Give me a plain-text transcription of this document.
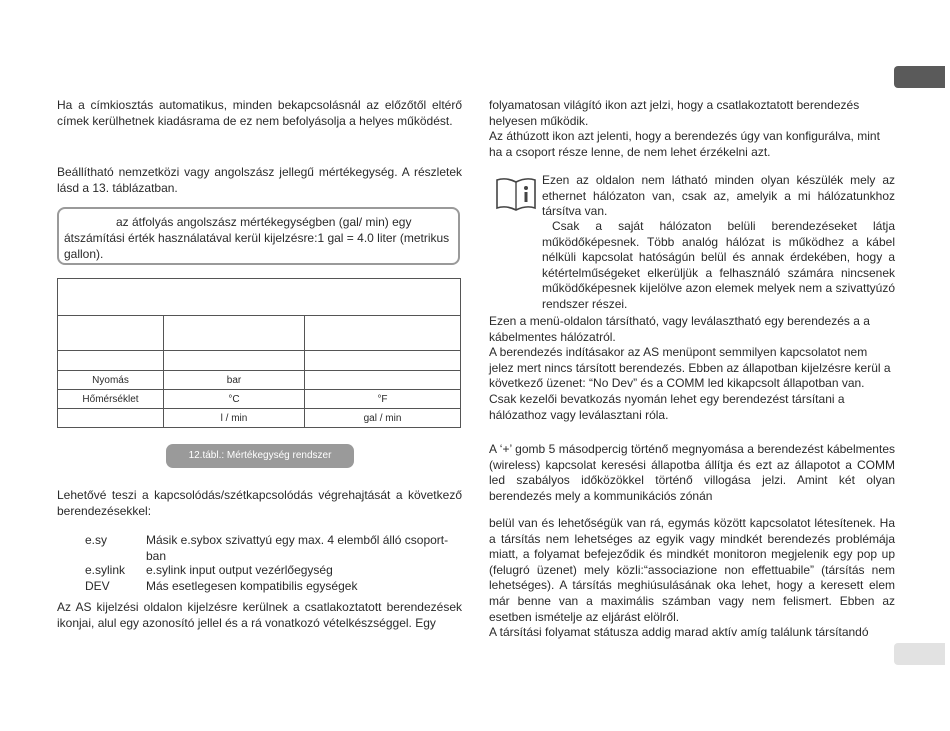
Ha a címkiosztás automatikus, minden bekapcsolásnál az előzőtől eltérő címek kerülhetnek kiadásrama de ez nem befolyásolja a helyes működést.

Beállítható nemzetközi vagy angolszász jellegű mértékegység. A részletek lásd a 13. táblázatban.

az átfolyás angolszász mértékegységben (gal/ min) egy átszámítási érték használatával kerül kijelzésre:1 gal = 4.0 liter (metrikus gallon).

Nyomás	bar	
Hőmérséklet	°C	°F
	l / min	gal / min
12.tábl.: Mértékegység rendszer

Lehetővé teszi a kapcsolódás/szétkapcsolódás végrehajtását a következő berendezésekkel:

e.sy	Másik e.sybox szivattyú egy max. 4 elemből álló csoport-ban
e.sylink	e.sylink input output vezérlőegység
DEV	Más esetlegesen kompatibilis egységek

Az AS kijelzési oldalon kijelzésre kerülnek a csatlakoztatott berendezések ikonjai, alul egy azonosító jellel és a rá vonatkozó vételkészséggel. Egy

folyamatosan világító ikon azt jelzi, hogy a csatlakoztatott berendezés helyesen működik.
Az áthúzott ikon azt jelenti, hogy a berendezés úgy van konfigurálva, mint ha a csoport része lenne, de nem lehet érzékelni azt.

Ezen az oldalon nem látható minden olyan készülék mely az ethernet hálózaton van, csak az, amelyik a mi hálózatunkhoz társítva van.

Csak a saját hálózaton belüli berendezéseket látja működőképesnek. Több analóg hálózat is működhez a kábel nélküli kapcsolat hatóságún belül és annak érdekében, hogy a kétértelműségeket elkerüljük a felhasználó számára nincsenek működőképesnek kijelölve azon elemek melyek nem a szivattyúzó rendszer részei.

Ezen a menü-oldalon társítható, vagy leválasztható egy berendezés a a kábelmentes hálózatról.
A berendezés indításakor az AS menüpont semmilyen kapcsolatot nem jelez mert nincs társított berendezés. Ebben az állapotban kijelzésre kerül a következő üzenet: “No Dev” és a COMM led kikapcsolt állapotban van. Csak kezelői bevatkozás nyomán lehet egy berendezést társítani a hálózathoz vagy leválasztani róla.

A ‘+’ gomb 5 másodpercig történő megnyomása a berendezést kábelmentes (wireless) kapcsolat keresési állapotba állítja és ezt az állapotot a COMM led szabályos időközökkel történő villogása jelzi. Amint két olyan berendezés mely a kommunikációs zónán

belül van és lehetőségük van rá, egymás között kapcsolatot létesítenek. Ha a társítás nem lehetséges az egyik vagy mindkét berendezés problémája miatt, a folyamat befejeződik és mindkét monitoron megjelenik egy pop up (felugró üzenet) mely közli:“associazione non effettuabile” (társítás nem lehetséges). A társítás meghiúsulásának oka lehet, hogy a keresett elem már benne van a maximális számban vagy nem felismert. Ebben az esetben ismételje az eljárást elölről.
A társítási folyamat státusza addig marad aktív amíg találunk társítandó
